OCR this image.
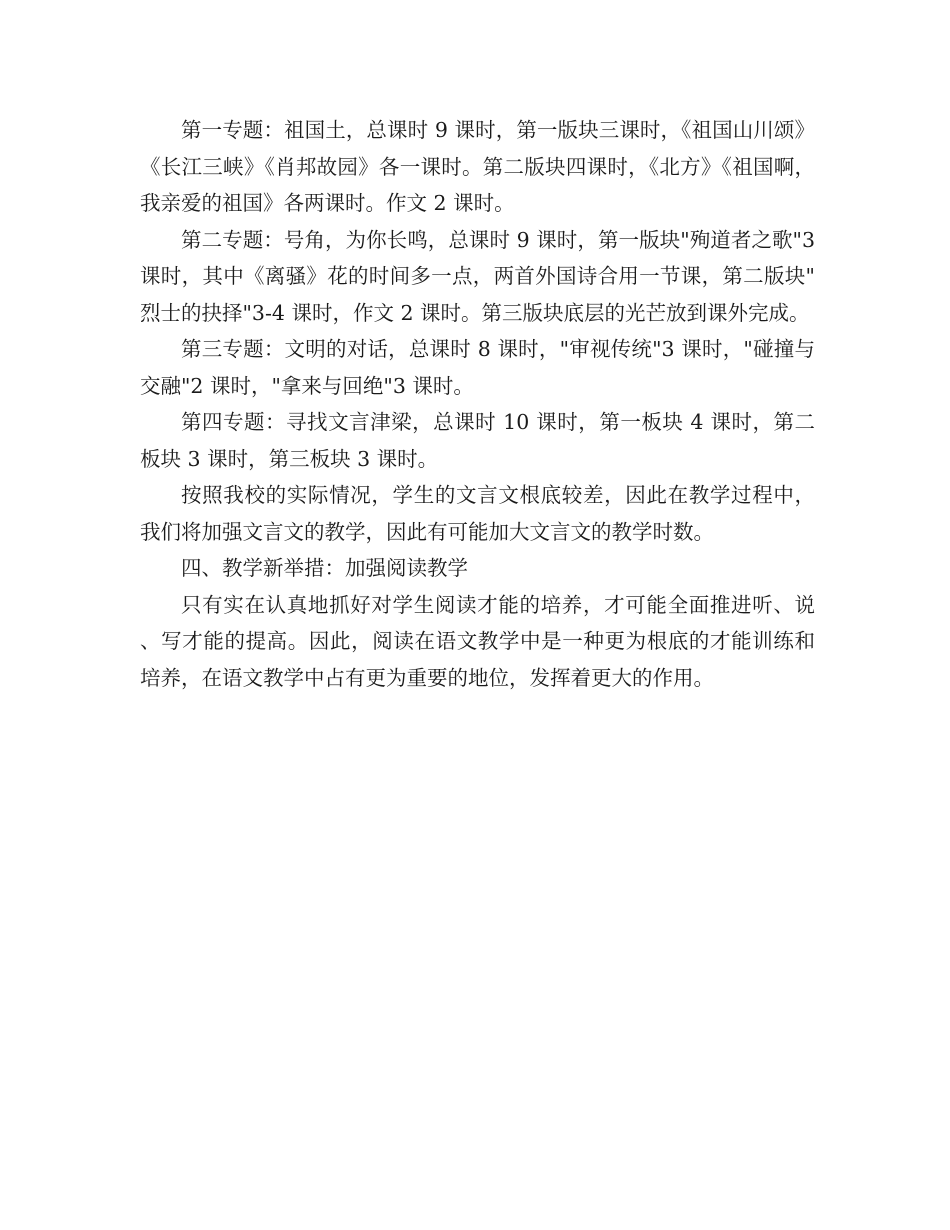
第一专题：祖国土，总课时 9 课时，第一版块三课时，《祖国山川颂》《长江三峡》《肖邦故园》各一课时。第二版块四课时，《北方》《祖国啊，我亲爱的祖国》各两课时。作文 2 课时。

第二专题：号角，为你长鸣，总课时 9 课时，第一版块"殉道者之歌"3 课时，其中《离骚》花的时间多一点，两首外国诗合用一节课，第二版块"烈士的抉择"3-4 课时，作文 2 课时。第三版块底层的光芒放到课外完成。

第三专题：文明的对话，总课时 8 课时，"审视传统"3 课时，"碰撞与交融"2 课时，"拿来与回绝"3 课时。

第四专题：寻找文言津梁，总课时 10 课时，第一板块 4 课时，第二板块 3 课时，第三板块 3 课时。

按照我校的实际情况，学生的文言文根底较差，因此在教学过程中，我们将加强文言文的教学，因此有可能加大文言文的教学时数。

四、教学新举措：加强阅读教学

只有实在认真地抓好对学生阅读才能的培养，才可能全面推进听、说、写才能的提高。因此，阅读在语文教学中是一种更为根底的才能训练和培养，在语文教学中占有更为重要的地位，发挥着更大的作用。
